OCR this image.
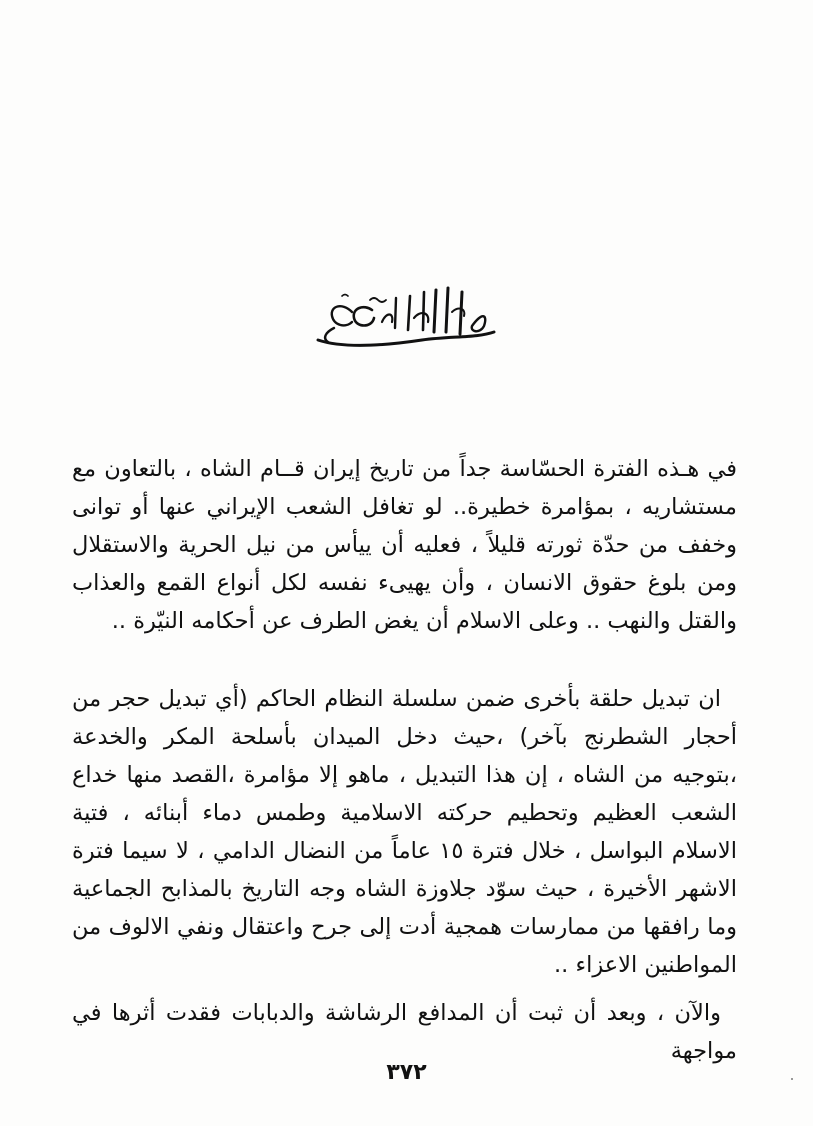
في هـذه الفترة الحسّاسة جداً من تاريخ إيران قــام الشاه ، بالتعاون مع مستشاريه ، بمؤامرة خطيرة.. لو تغافل الشعب الإيراني عنها أو توانى وخفف من حدّة ثورته قليلاً ، فعليه أن ييأس من نيل الحرية والاستقلال ومن بلوغ حقوق الانسان ، وأن يهيىء نفسه لكل أنواع القمع والعذاب والقتل والنهب .. وعلى الاسلام أن يغض الطرف عن أحكامه النيّرة ..
ان تبديل حلقة بأخرى ضمن سلسلة النظام الحاكم (أي تبديل حجر من أحجار الشطرنج بآخر) ،حيث دخل الميدان بأسلحة المكر والخدعة ،بتوجيه من الشاه ، إن هذا التبديل ، ماهو إلا مؤامرة ،القصد منها خداع الشعب العظيم وتحطيم حركته الاسلامية وطمس دماء أبنائه ، فتية الاسلام البواسل ، خلال فترة ١٥ عاماً من النضال الدامي ، لا سيما فترة الاشهر الأخيرة ، حيث سوّد جلاوزة الشاه وجه التاريخ بالمذابح الجماعية وما رافقها من ممارسات همجية أدت إلى جرح واعتقال ونفي الالوف من المواطنين الاعزاء ..
والآن ، وبعد أن ثبت أن المدافع الرشاشة والدبابات فقدت أثرها في مواجهة
٣٧٢
